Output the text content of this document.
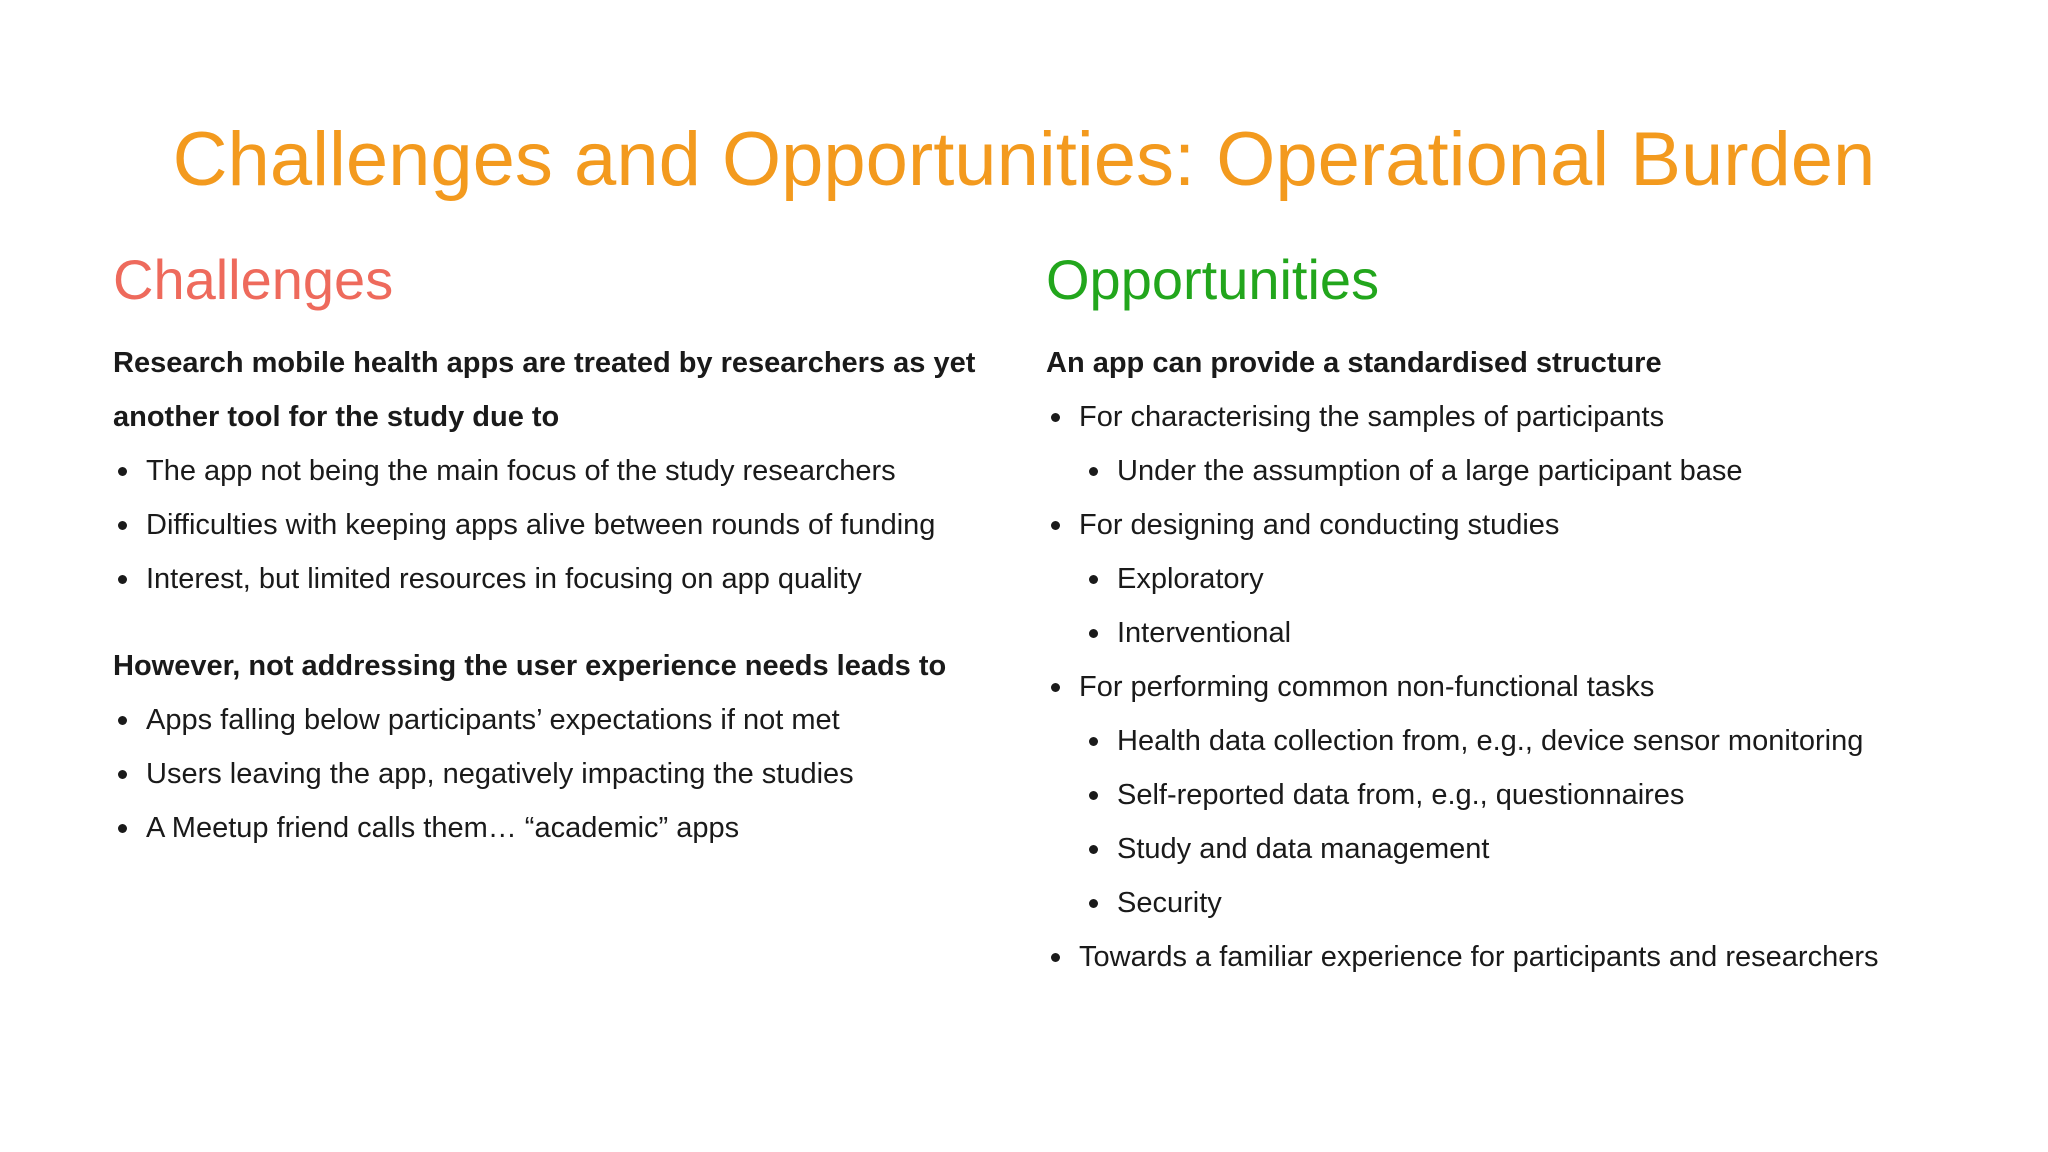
Challenges and Opportunities: Operational Burden
Challenges

Research mobile health apps are treated by researchers as yet another tool for the study due to

The app not being the main focus of the study researchers
Difficulties with keeping apps alive between rounds of funding
Interest, but limited resources in focusing on app quality

However, not addressing the user experience needs leads to

Apps falling below participants’ expectations if not met
Users leaving the app, negatively impacting the studies
A Meetup friend calls them… “academic” apps
Opportunities

An app can provide a standardised structure

For characterising the samples of participants
Under the assumption of a large participant base
For designing and conducting studies
Exploratory
Interventional
For performing common non-functional tasks
Health data collection from, e.g., device sensor monitoring
Self-reported data from, e.g., questionnaires
Study and data management
Security
Towards a familiar experience for participants and researchers
